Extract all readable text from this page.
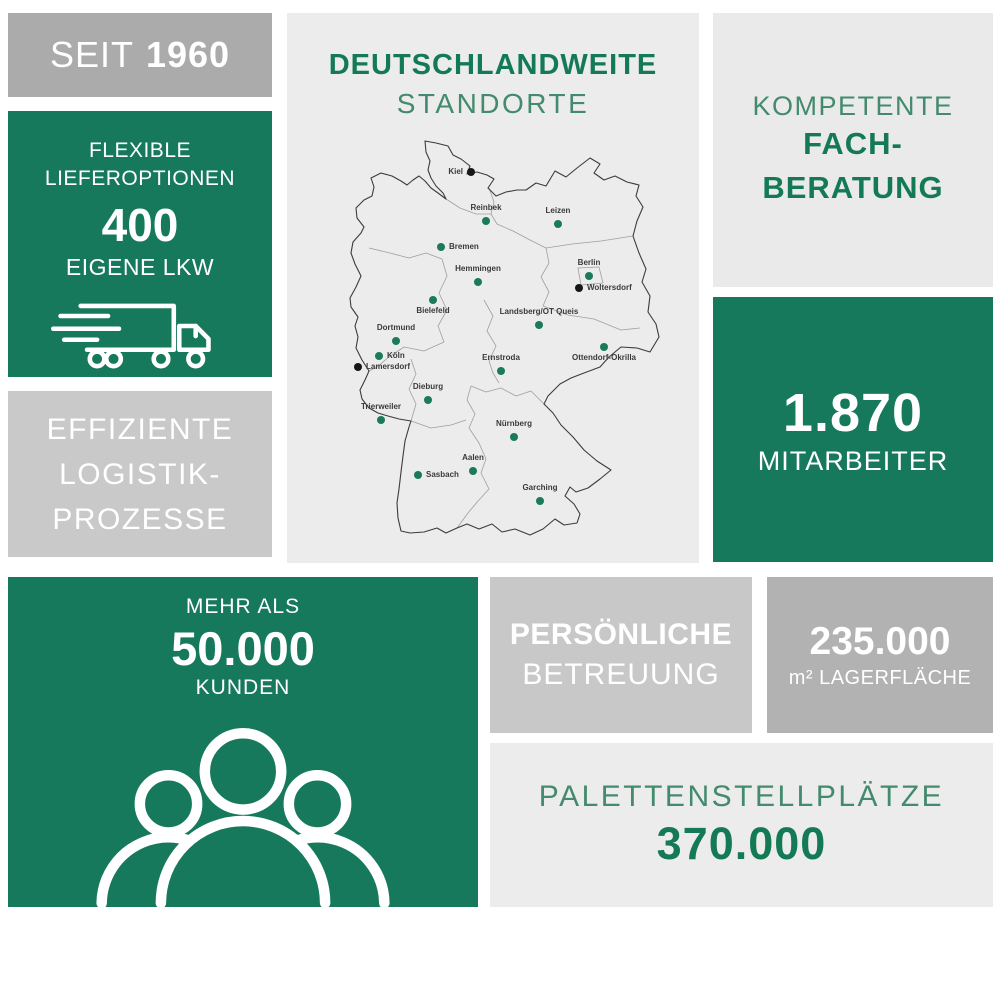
SEIT 1960
FLEXIBLE
LIEFEROPTIONEN
400
EIGENE LKW
EFFIZIENTE
LOGISTIK-
PROZESSE
DEUTSCHLANDWEITE
STANDORTE
Kiel
Reinbek	Leizen
Bremen
Hemmingen
Berlin
Woltersdorf
Bielefeld	Landsberg/OT Queis
Dortmund
Köln
Lamersdorf
Ottendorf-Okrilla
Ernstroda
Dieburg
Trierweiler
Nürnberg
Aalen
Sasbach
Garching
KOMPETENTE
FACH-
BERATUNG
1.870
MITARBEITER
MEHR ALS
50.000
KUNDEN
PERSÖNLICHE
BETREUUNG
235.000
m² LAGERFLÄCHE
PALETTENSTELLPLÄTZE
370.000
